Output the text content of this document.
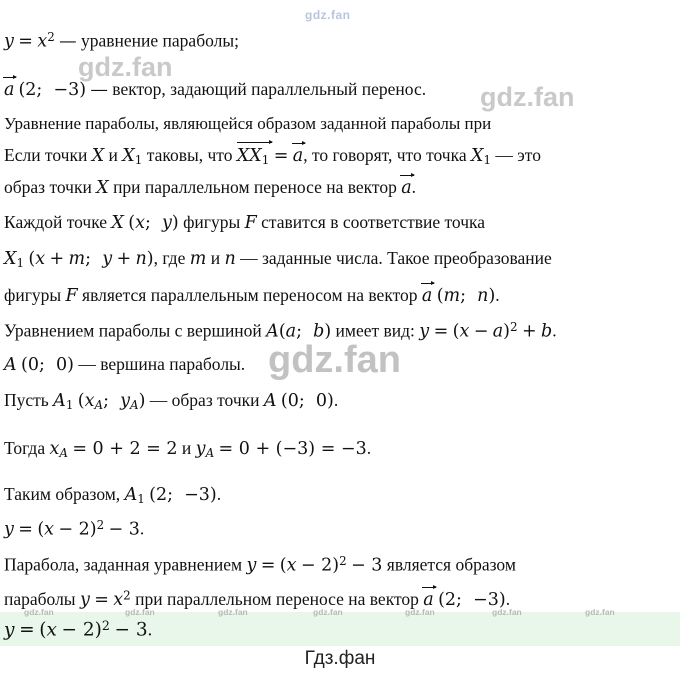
gdz.fan
$y = x^2$ — уравнение параболы;
a (2;  −3) — вектор, задающий параллельный перенос.
Уравнение параболы, являющейся образом заданной параболы при
Если точки X и $X_1$ таковы, что $XX_1 = a$, то говорят, что точка $X_1$ — это
образ точки X при параллельном переносе на вектор a.
Каждой точке X (x;  y) фигуры F ставится в соответствие точка
$X_1$ (x + m;  y + n), где m и n — заданные числа. Такое преобразование
фигуры F является параллельным переносом на вектор a (m;  n).
Уравнением параболы с вершиной A(a;  b) имеет вид: $y = (x - a)^2 + b$.
A (0;  0) — вершина параболы.
Пусть $A_1$ ($x_A$;  $y_A$) — образ точки A (0;  0).
Тогда $x_A = 0 + 2 = 2$ и $y_A = 0 + (-3) = -3$.
Таким образом, $A_1$ (2;  −3).
$y = (x - 2)^2 - 3$.
Парабола, заданная уравнением $y = (x - 2)^2 - 3$ является образом
параболы $y = x^2$ при параллельном переносе на вектор a (2;  −3).
$y = (x - 2)^2 - 3$.
gdz.fan
gdz.fan
gdz.fan
gdz.fan	gdz.fan	gdz.fan	gdz.fan	gdz.fan	gdz.fan	gdz.fan
Гдз.фан
